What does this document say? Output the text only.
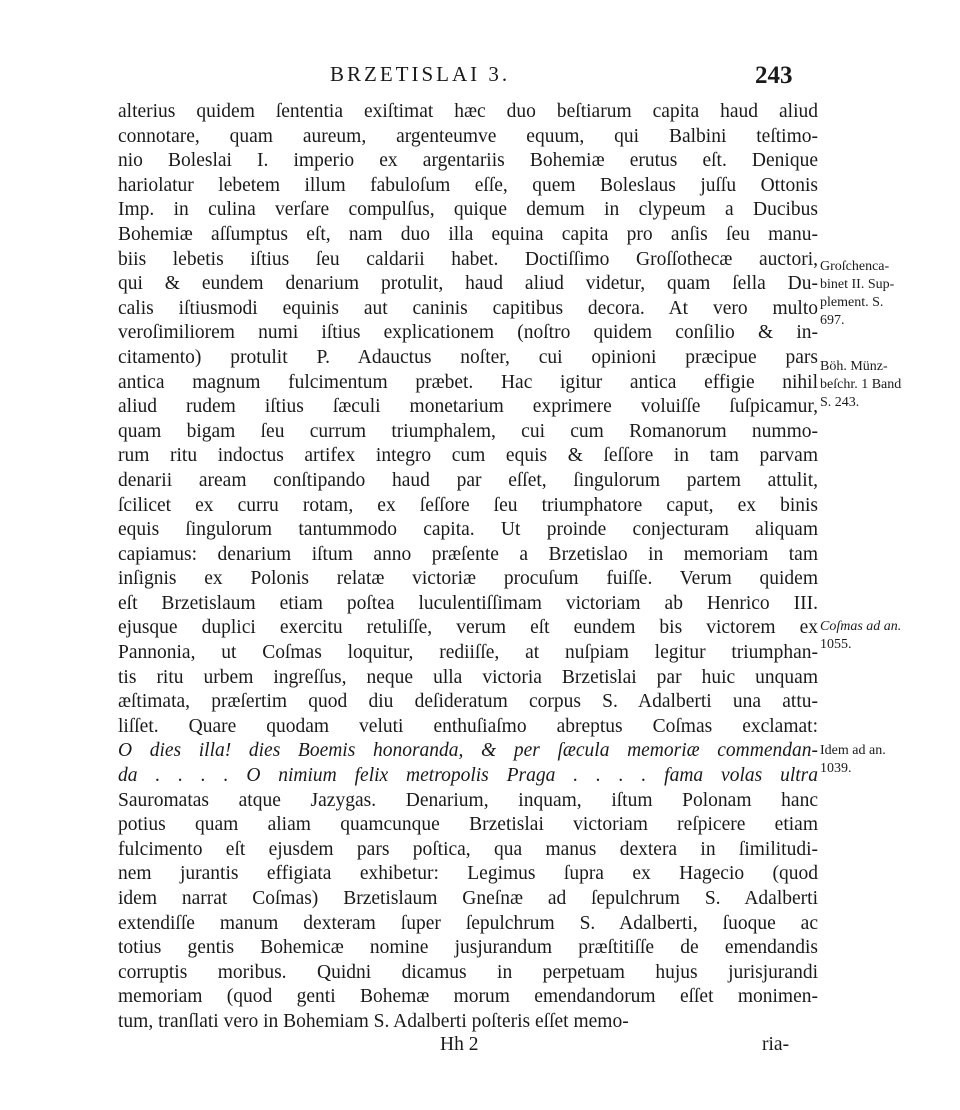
BRZETISLAI 3.	243
alterius quidem ſententia exiſtimat hæc duo beſtiarum capita haud aliud
connotare, quam aureum, argenteumve equum, qui Balbini teſtimo-
nio Boleslai I. imperio ex argentariis Bohemiæ erutus eſt. Denique
hariolatur lebetem illum fabuloſum eſſe, quem Boleslaus juſſu Ottonis
Imp. in culina verſare compulſus, quique demum in clypeum a Ducibus
Bohemiæ aſſumptus eſt, nam duo illa equina capita pro anſis ſeu manu-
biis lebetis iſtius ſeu caldarii habet. Doctiſſimo Groſſothecæ auctori,
qui & eundem denarium protulit, haud aliud videtur, quam ſella Du-
calis iſtiusmodi equinis aut caninis capitibus decora. At vero multo
veroſimiliorem numi iſtius explicationem (noſtro quidem conſilio & in-
citamento) protulit P. Adauctus noſter, cui opinioni præcipue pars
antica magnum fulcimentum præbet. Hac igitur antica effigie nihil
aliud rudem iſtius ſæculi monetarium exprimere voluiſſe ſuſpicamur,
quam bigam ſeu currum triumphalem, cui cum Romanorum nummo-
rum ritu indoctus artifex integro cum equis & ſeſſore in tam parvam
denarii aream conſtipando haud par eſſet, ſingulorum partem attulit,
ſcilicet ex curru rotam, ex ſeſſore ſeu triumphatore caput, ex binis
equis ſingulorum tantummodo capita. Ut proinde conjecturam aliquam
capiamus: denarium iſtum anno præſente a Brzetislao in memoriam tam
inſignis ex Polonis relatæ victoriæ procuſum fuiſſe. Verum quidem
eſt Brzetislaum etiam poſtea luculentiſſimam victoriam ab Henrico III.
ejusque duplici exercitu retuliſſe, verum eſt eundem bis victorem ex
Pannonia, ut Coſmas loquitur, rediiſſe, at nuſpiam legitur triumphan-
tis ritu urbem ingreſſus, neque ulla victoria Brzetislai par huic unquam
æſtimata, præſertim quod diu deſideratum corpus S. Adalberti una attu-
liſſet. Quare quodam veluti enthuſiaſmo abreptus Coſmas exclamat:
O dies illa! dies Boemis honoranda, & per ſæcula memoriæ commendan-
da . . . . O nimium felix metropolis Praga . . . . fama volas ultra
Sauromatas atque Jazygas. Denarium, inquam, iſtum Polonam hanc
potius quam aliam quamcunque Brzetislai victoriam reſpicere etiam
fulcimento eſt ejusdem pars poſtica, qua manus dextera in ſimilitudi-
nem jurantis effigiata exhibetur: Legimus ſupra ex Hagecio (quod
idem narrat Coſmas) Brzetislaum Gneſnæ ad ſepulchrum S. Adalberti
extendiſſe manum dexteram ſuper ſepulchrum S. Adalberti, ſuoque ac
totius gentis Bohemicæ nomine jusjurandum præſtitiſſe de emendandis
corruptis moribus. Quidni dicamus in perpetuam hujus jurisjurandi
memoriam (quod genti Bohemæ morum emendandorum eſſet monimen-
tum, tranſlati vero in Bohemiam S. Adalberti poſteris eſſet memo-
Groſchenca-
binet II. Sup-
plement. S.
697.
Böh. Münz-
beſchr. 1 Band
S. 243.
Coſmas ad an.
1055.
Idem ad an.
1039.
Hh 2	ria-
